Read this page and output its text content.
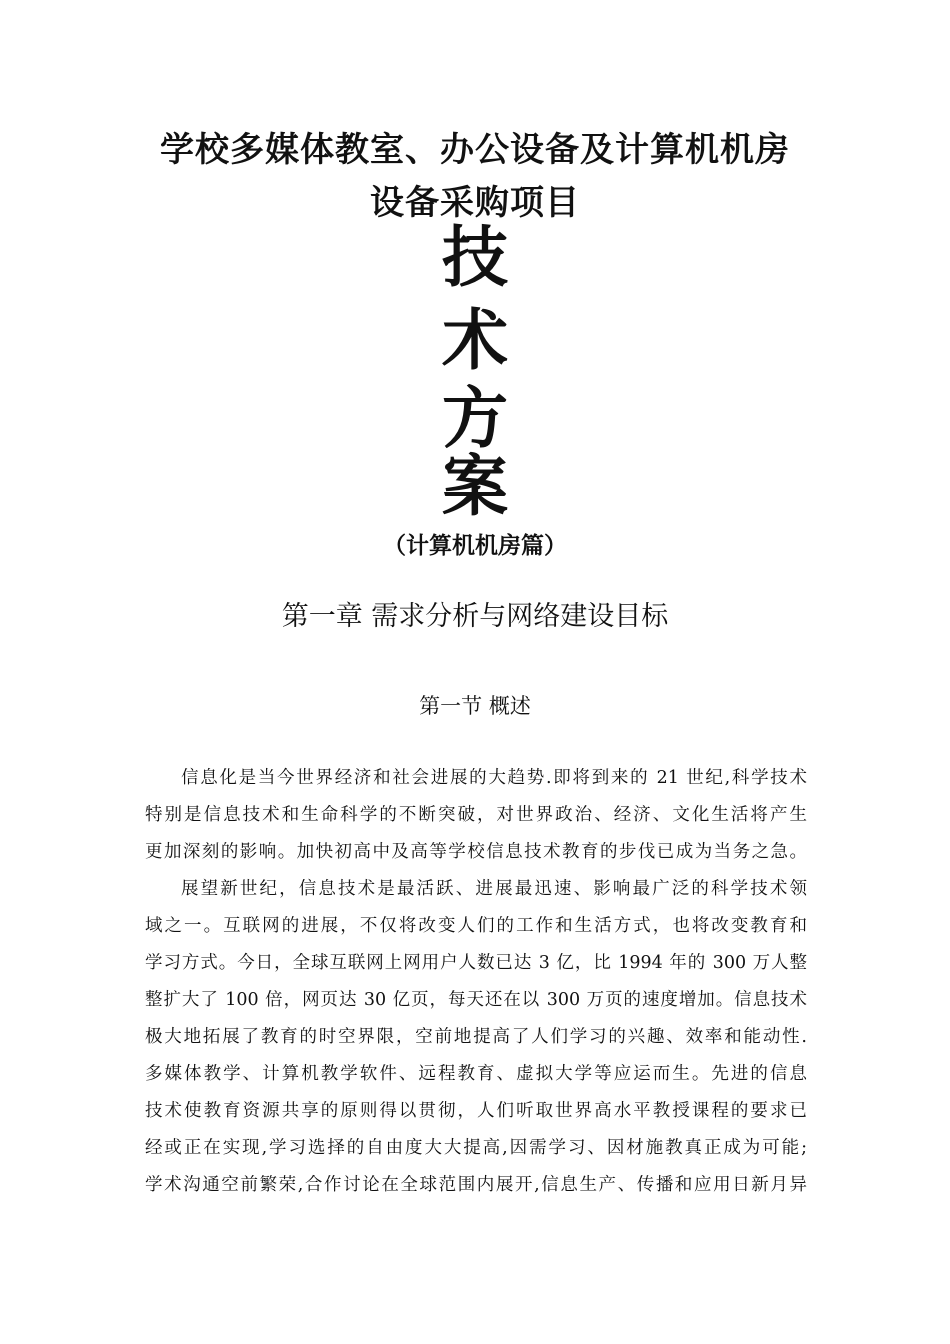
学校多媒体教室、办公设备及计算机机房
设备采购项目
技
术
方
案
（计算机机房篇）
第一章 需求分析与网络建设目标
第一节 概述
信息化是当今世界经济和社会进展的大趋势.即将到来的 21 世纪,科学技术
特别是信息技术和生命科学的不断突破，对世界政治、经济、文化生活将产生
更加深刻的影响。加快初高中及高等学校信息技术教育的步伐已成为当务之急。
展望新世纪，信息技术是最活跃、进展最迅速、影响最广泛的科学技术领
域之一。互联网的进展，不仅将改变人们的工作和生活方式，也将改变教育和
学习方式。今日，全球互联网上网用户人数已达 3 亿，比 1994 年的 300 万人整
整扩大了 100 倍，网页达 30 亿页，每天还在以 300 万页的速度增加。信息技术
极大地拓展了教育的时空界限，空前地提高了人们学习的兴趣、效率和能动性.
多媒体教学、计算机教学软件、远程教育、虚拟大学等应运而生。先进的信息
技术使教育资源共享的原则得以贯彻，人们听取世界高水平教授课程的要求已
经或正在实现,学习选择的自由度大大提高,因需学习、因材施教真正成为可能;
学术沟通空前繁荣,合作讨论在全球范围内展开,信息生产、传播和应用日新月异
